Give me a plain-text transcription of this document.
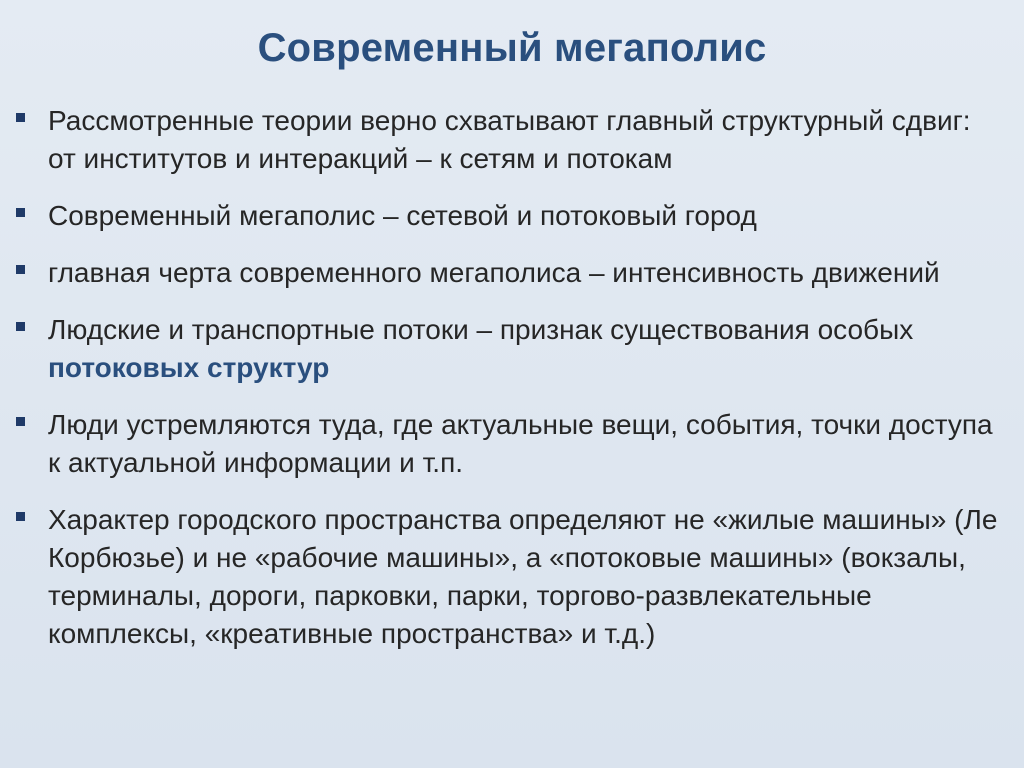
Современный мегаполис
Рассмотренные теории верно схватывают главный структурный сдвиг: от институтов и интеракций – к сетям и потокам
Современный мегаполис – сетевой и потоковый город
главная черта современного мегаполиса – интенсивность движений
Людские и транспортные потоки – признак существования особых потоковых структур
Люди устремляются туда, где актуальные вещи, события, точки доступа к актуальной информации и т.п.
Характер городского пространства определяют не «жилые машины» (Ле Корбюзье) и не «рабочие машины», а «потоковые машины» (вокзалы, терминалы, дороги, парковки, парки, торгово-развлекательные комплексы, «креативные пространства» и т.д.)
